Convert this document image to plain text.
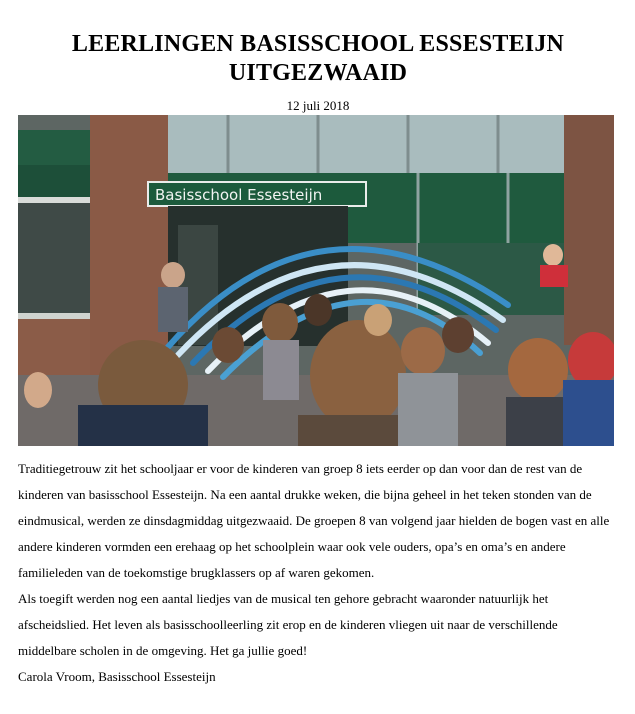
LEERLINGEN BASISSCHOOL ESSESTEIJN
UITGEZWAAID
12 juli 2018
Basisschool Essesteijn

Traditiegetrouw zit het schooljaar er voor de kinderen van groep 8 iets eerder op dan voor dan de rest van de kinderen van basisschool Essesteijn. Na een aantal drukke weken, die bijna geheel in het teken stonden van de eindmusical, werden ze dinsdagmiddag uitgezwaaid. De groepen 8 van volgend jaar hielden de bogen vast en alle andere kinderen vormden een erehaag op het schoolplein waar ook vele ouders, opa’s en oma’s en andere familieleden van de toekomstige brugklassers op af waren gekomen.

Als toegift werden nog een aantal liedjes van de musical ten gehore gebracht waaronder natuurlijk het afscheidslied. Het leven als basisschoolleerling zit erop en de kinderen vliegen uit naar de verschillende middelbare scholen in de omgeving. Het ga jullie goed!

Carola Vroom, Basisschool Essesteijn
